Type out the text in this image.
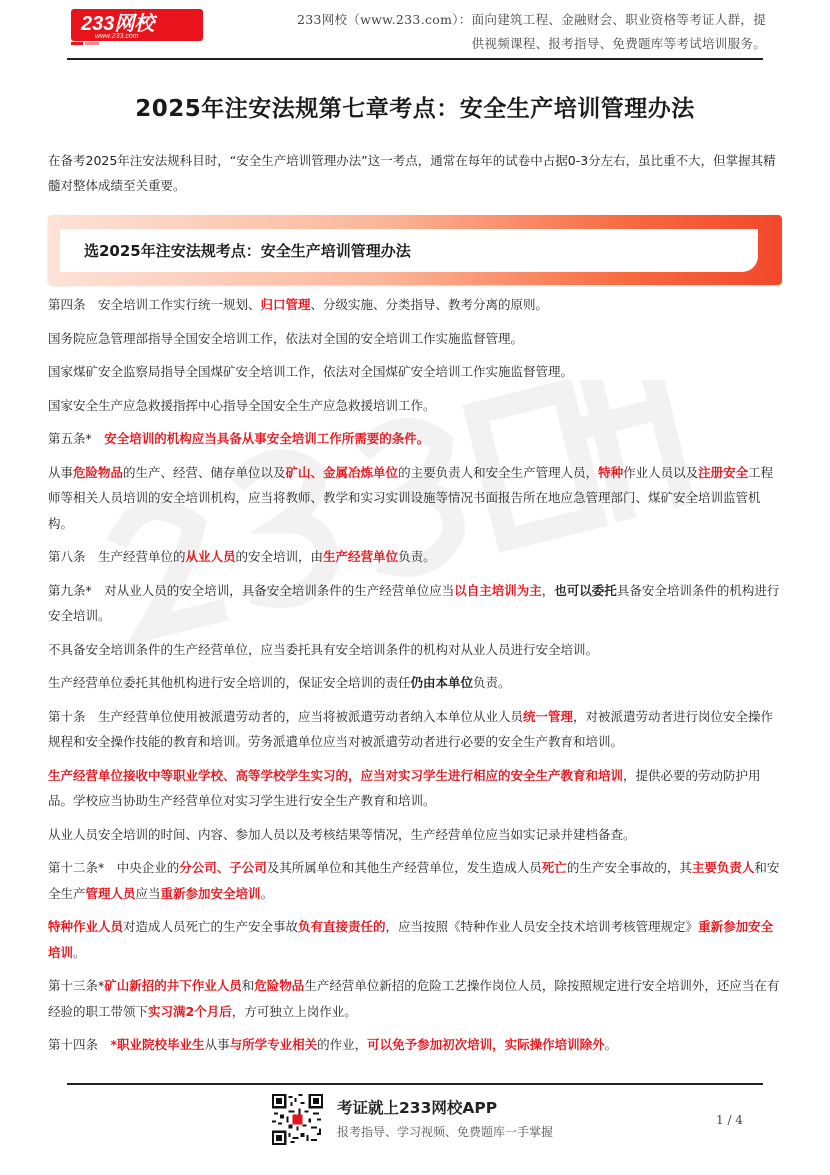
233网校
www.233.com
233网校（www.233.com）：面向建筑工程、金融财会、职业资格等考证人群，提
供视频课程、报考指导、免费题库等考试培训服务。
2025年注安法规第七章考点：安全生产培训管理办法
在备考2025年注安法规科目时，“安全生产培训管理办法”这一考点，通常在每年的试卷中占据0-3分左右，虽比重不大，但掌握其精髓对整体成绩至关重要。
选2025年注安法规考点：安全生产培训管理办法

第四条　安全培训工作实行统一规划、归口管理、分级实施、分类指导、教考分离的原则。

国务院应急管理部指导全国安全培训工作，依法对全国的安全培训工作实施监督管理。

国家煤矿安全监察局指导全国煤矿安全培训工作，依法对全国煤矿安全培训工作实施监督管理。

国家安全生产应急救援指挥中心指导全国安全生产应急救援培训工作。

第五条*　安全培训的机构应当具备从事安全培训工作所需要的条件。

从事危险物品的生产、经营、储存单位以及矿山、金属冶炼单位的主要负责人和安全生产管理人员，特种作业人员以及注册安全工程师等相关人员培训的安全培训机构，应当将教师、教学和实习实训设施等情况书面报告所在地应急管理部门、煤矿安全培训监管机构。

第八条　生产经营单位的从业人员的安全培训，由生产经营单位负责。

第九条*　对从业人员的安全培训，具备安全培训条件的生产经营单位应当以自主培训为主，也可以委托具备安全培训条件的机构进行安全培训。

不具备安全培训条件的生产经营单位，应当委托具有安全培训条件的机构对从业人员进行安全培训。

生产经营单位委托其他机构进行安全培训的，保证安全培训的责任仍由本单位负责。

第十条　生产经营单位使用被派遣劳动者的，应当将被派遣劳动者纳入本单位从业人员统一管理，对被派遣劳动者进行岗位安全操作规程和安全操作技能的教育和培训。劳务派遣单位应当对被派遣劳动者进行必要的安全生产教育和培训。

生产经营单位接收中等职业学校、高等学校学生实习的，应当对实习学生进行相应的安全生产教育和培训，提供必要的劳动防护用品。学校应当协助生产经营单位对实习学生进行安全生产教育和培训。

从业人员安全培训的时间、内容、参加人员以及考核结果等情况，生产经营单位应当如实记录并建档备查。

第十二条*　中央企业的分公司、子公司及其所属单位和其他生产经营单位，发生造成人员死亡的生产安全事故的，其主要负责人和安全生产管理人员应当重新参加安全培训。

特种作业人员对造成人员死亡的生产安全事故负有直接责任的，应当按照《特种作业人员安全技术培训考核管理规定》重新参加安全培训。

第十三条*矿山新招的井下作业人员和危险物品生产经营单位新招的危险工艺操作岗位人员，除按照规定进行安全培训外，还应当在有经验的职工带领下实习满2个月后，方可独立上岗作业。

第十四条　*职业院校毕业生从事与所学专业相关的作业，可以免予参加初次培训，实际操作培训除外。

考证就上233网校APP
报考指导、学习视频、免费题库一手掌握
1 / 4
